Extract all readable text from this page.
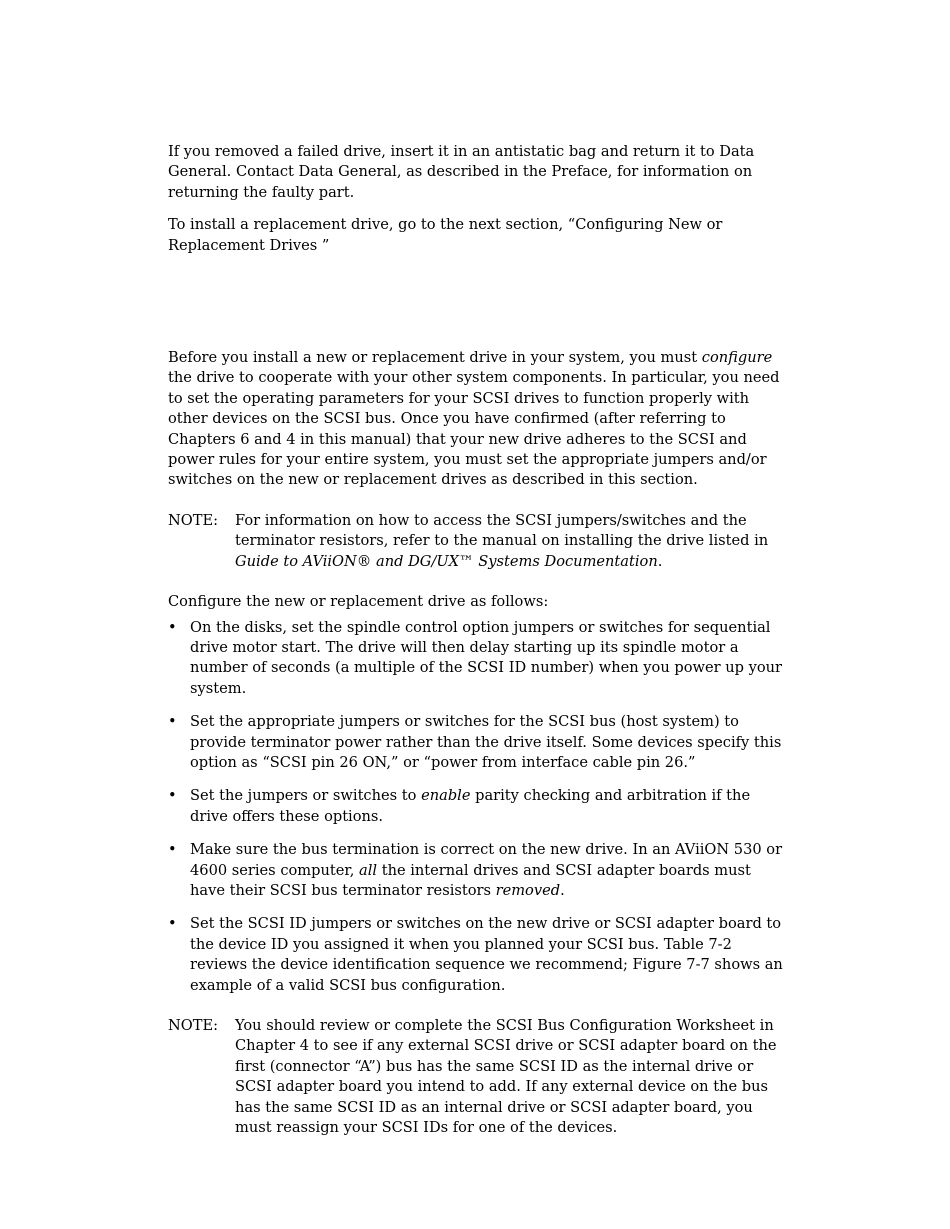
If you removed a failed drive, insert it in an antistatic bag and return it to Data General. Contact Data General, as described in the Preface, for information on returning the faulty part.

To install a replacement drive, go to the next section, “Configuring New or Replacement Drives ”

Before you install a new or replacement drive in your system, you must configure the drive to cooperate with your other system components. In particular, you need to set the operating parameters for your SCSI drives to function properly with other devices on the SCSI bus. Once you have confirmed (after referring to Chapters 6 and 4 in this manual) that your new drive adheres to the SCSI and power rules for your entire system, you must set the appropriate jumpers and/or switches on the new or replacement drives as described in this section.

NOTE:	For information on how to access the SCSI jumpers/switches and the terminator resistors, refer to the manual on installing the drive listed in Guide to AViiON® and DG/UX™ Systems Documentation.

Configure the new or replacement drive as follows:

• On the disks, set the spindle control option jumpers or switches for sequential drive motor start. The drive will then delay starting up its spindle motor a number of seconds (a multiple of the SCSI ID number) when you power up your system.
• Set the appropriate jumpers or switches for the SCSI bus (host system) to provide terminator power rather than the drive itself. Some devices specify this option as “SCSI pin 26 ON,” or “power from interface cable pin 26.”
• Set the jumpers or switches to enable parity checking and arbitration if the drive offers these options.
• Make sure the bus termination is correct on the new drive. In an AViiON 530 or 4600 series computer, all the internal drives and SCSI adapter boards must have their SCSI bus terminator resistors removed.
• Set the SCSI ID jumpers or switches on the new drive or SCSI adapter board to the device ID you assigned it when you planned your SCSI bus. Table 7-2 reviews the device identification sequence we recommend; Figure 7-7 shows an example of a valid SCSI bus configuration.
NOTE:	You should review or complete the SCSI Bus Configuration Worksheet in Chapter 4 to see if any external SCSI drive or SCSI adapter board on the first (connector “A”) bus has the same SCSI ID as the internal drive or SCSI adapter board you intend to add. If any external device on the bus has the same SCSI ID as an internal drive or SCSI adapter board, you must reassign your SCSI IDs for one of the devices.
